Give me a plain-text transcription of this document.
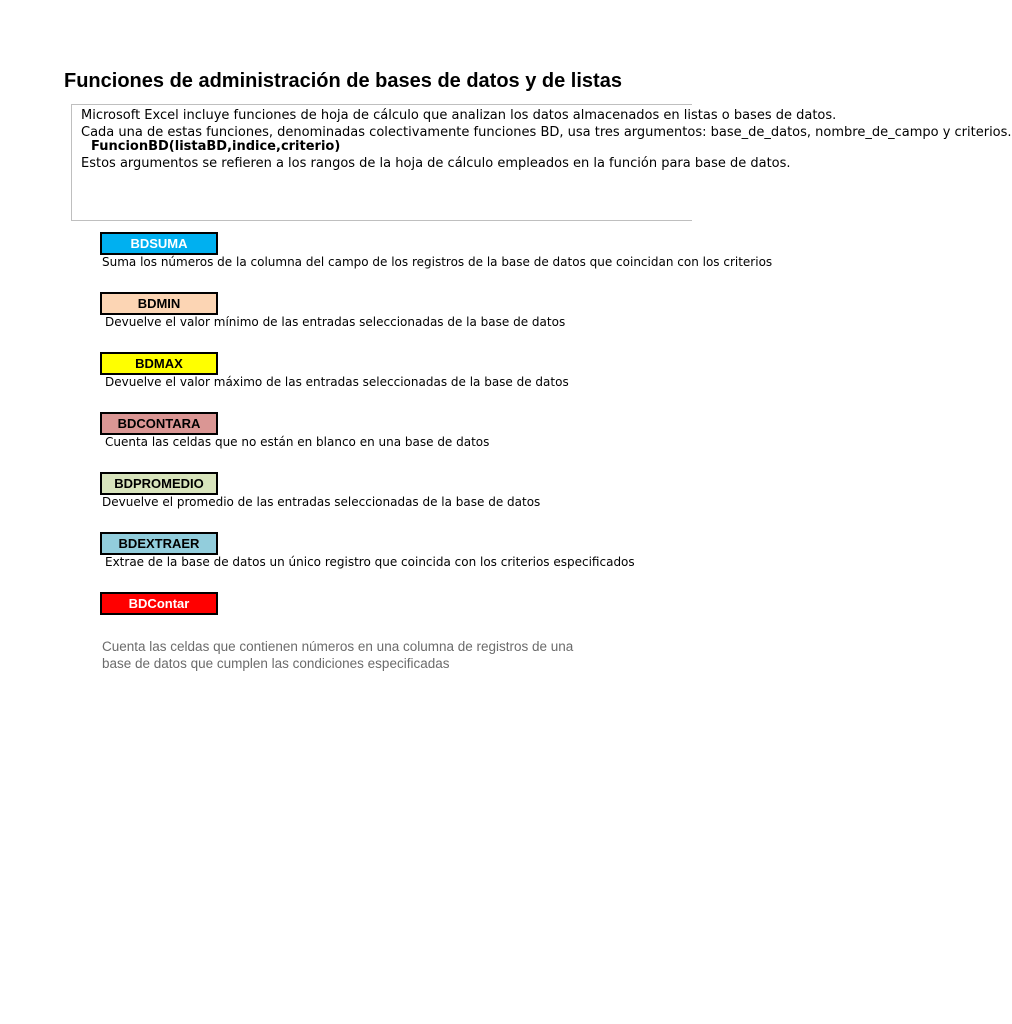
Funciones de administración de bases de datos y de listas
Microsoft Excel incluye funciones de hoja de cálculo que analizan los datos almacenados en listas o bases de datos.
Cada una de estas funciones, denominadas colectivamente funciones BD, usa tres argumentos: base_de_datos, nombre_de_campo y criterios.
FuncionBD(listaBD,indice,criterio)
Estos argumentos se refieren a los rangos de la hoja de cálculo empleados en la función para base de datos.
BDSUMA
Suma los números de la columna del campo de los registros de la base de datos que coincidan con los criterios
BDMIN
Devuelve el valor mínimo de las entradas seleccionadas de la base de datos
BDMAX
Devuelve el valor máximo de las entradas seleccionadas de la base de datos
BDCONTARA
Cuenta las celdas que no están en blanco en una base de datos
BDPROMEDIO
Devuelve el promedio de las entradas seleccionadas de la base de datos
BDEXTRAER
Extrae de la base de datos un único registro que coincida con los criterios especificados
BDContar
Cuenta las celdas que contienen números en una columna de registros de una
base de datos que cumplen las condiciones especificadas
